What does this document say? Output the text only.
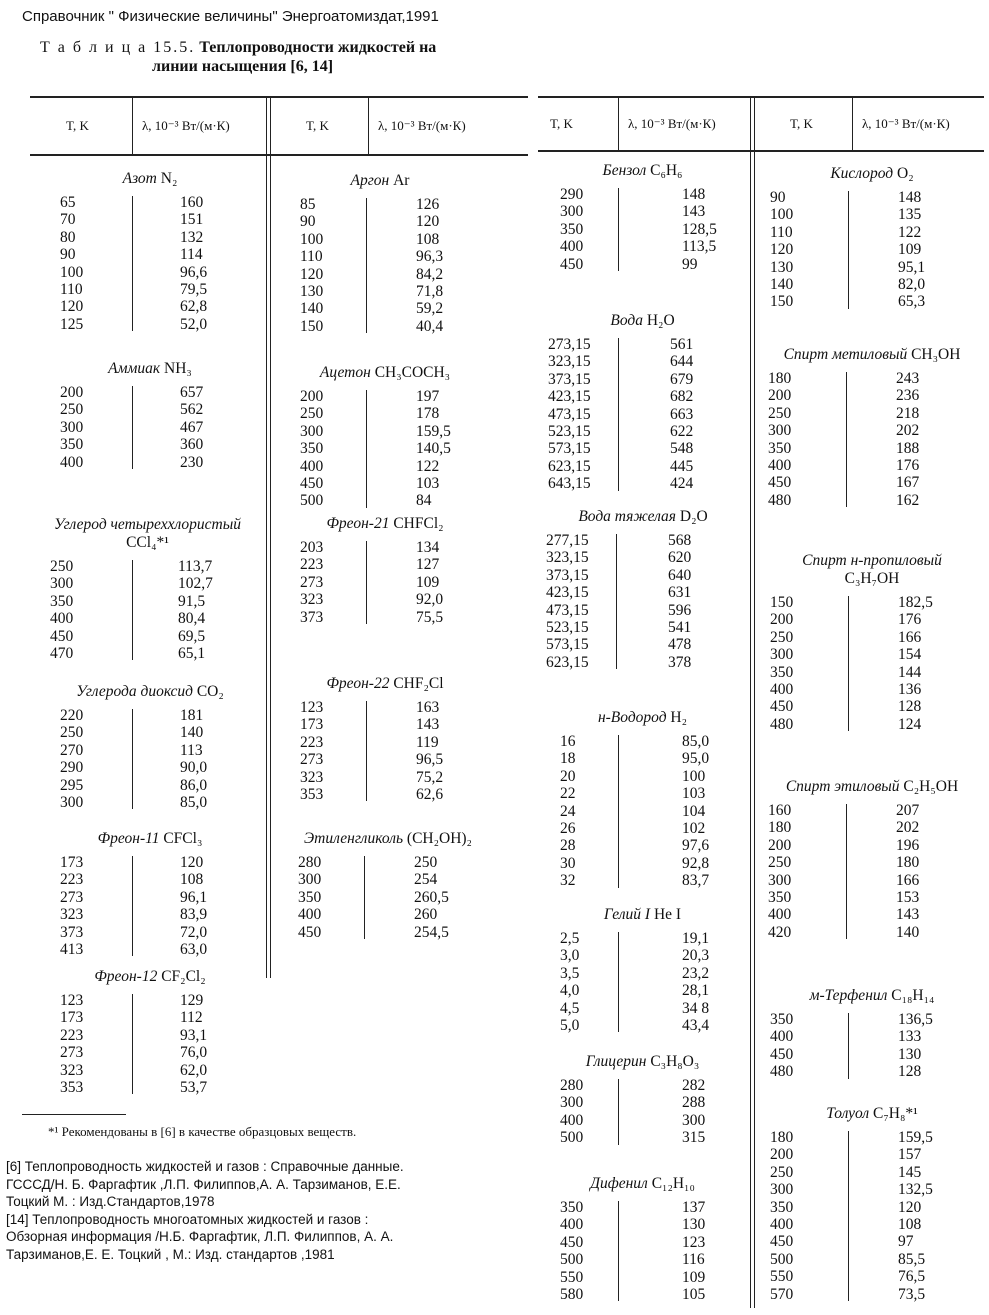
Справочник " Физические величины" Энергоатомиздат,1991
Т а б л и ц а 15.5. Теплопроводности жидкостей на
линии насыщения [6, 14]
T, K	λ, 10⁻³ Вт/(м·К)	T, K	λ, 10⁻³ Вт/(м·К)	T, K	λ, 10⁻³ Вт/(м·К)	T, K	λ, 10⁻³ Вт/(м·К)
Азот N₂
65	160
70	151
80	132
90	114
100	96,6
110	79,5
120	62,8
125	52,0
Аммиак NH₃
200	657
250	562
300	467
350	360
400	230
Углерод четыреххлористый
CCl₄*¹
250	113,7
300	102,7
350	91,5
400	80,4
450	69,5
470	65,1
Углерода диоксид CO₂
220	181
250	140
270	113
290	90,0
295	86,0
300	85,0
Фреон-11 CFCl₃
173	120
223	108
273	96,1
323	83,9
373	72,0
413	63,0
Фреон-12 CF₂Cl₂
123	129
173	112
223	93,1
273	76,0
323	62,0
353	53,7
Аргон Ar
85	126
90	120
100	108
110	96,3
120	84,2
130	71,8
140	59,2
150	40,4
Ацетон CH₃COCH₃
200	197
250	178
300	159,5
350	140,5
400	122
450	103
500	84
Фреон-21 CHFCl₂
203	134
223	127
273	109
323	92,0
373	75,5
Фреон-22 CHF₂Cl
123	163
173	143
223	119
273	96,5
323	75,2
353	62,6
Этиленгликоль (CH₂OH)₂
280	250
300	254
350	260,5
400	260
450	254,5
Бензол C₆H₆
290	148
300	143
350	128,5
400	113,5
450	99
Вода H₂O
273,15	561
323,15	644
373,15	679
423,15	682
473,15	663
523,15	622
573,15	548
623,15	445
643,15	424
Вода тяжелая D₂O
277,15	568
323,15	620
373,15	640
423,15	631
473,15	596
523,15	541
573,15	478
623,15	378
н-Водород H₂
16	85,0
18	95,0
20	100
22	103
24	104
26	102
28	97,6
30	92,8
32	83,7
Гелий I He I
2,5	19,1
3,0	20,3
3,5	23,2
4,0	28,1
4,5	34 8
5,0	43,4
Глицерин C₃H₈O₃
280	282
300	288
400	300
500	315
Дифенил C₁₂H₁₀
350	137
400	130
450	123
500	116
550	109
580	105
Кислород O₂
90	148
100	135
110	122
120	109
130	95,1
140	82,0
150	65,3
Спирт метиловый CH₃OH
180	243
200	236
250	218
300	202
350	188
400	176
450	167
480	162
Спирт н-пропиловый
C₃H₇OH
150	182,5
200	176
250	166
300	154
350	144
400	136
450	128
480	124
Спирт этиловый C₂H₅OH
160	207
180	202
200	196
250	180
300	166
350	153
400	143
420	140
м-Терфенил C₁₈H₁₄
350	136,5
400	133
450	130
480	128
Толуол C₇H₈*¹
180	159,5
200	157
250	145
300	132,5
350	120
400	108
450	97
500	85,5
550	76,5
570	73,5
*¹ Рекомендованы в [6] в качестве образцовых веществ.
[6] Теплопроводность жидкостей и газов : Справочные данные.
ГСССД/Н. Б. Фаргафтик ,Л.П. Филиппов,А. А. Тарзиманов, Е.Е.
Тоцкий М. : Изд.Стандартов,1978
[14] Теплопроводность многоатомных жидкостей и газов :
Обзорная информация /Н.Б. Фаргафтик, Л.П. Филиппов, А. А.
Тарзиманов,Е. Е. Тоцкий , М.: Изд. стандартов ,1981
